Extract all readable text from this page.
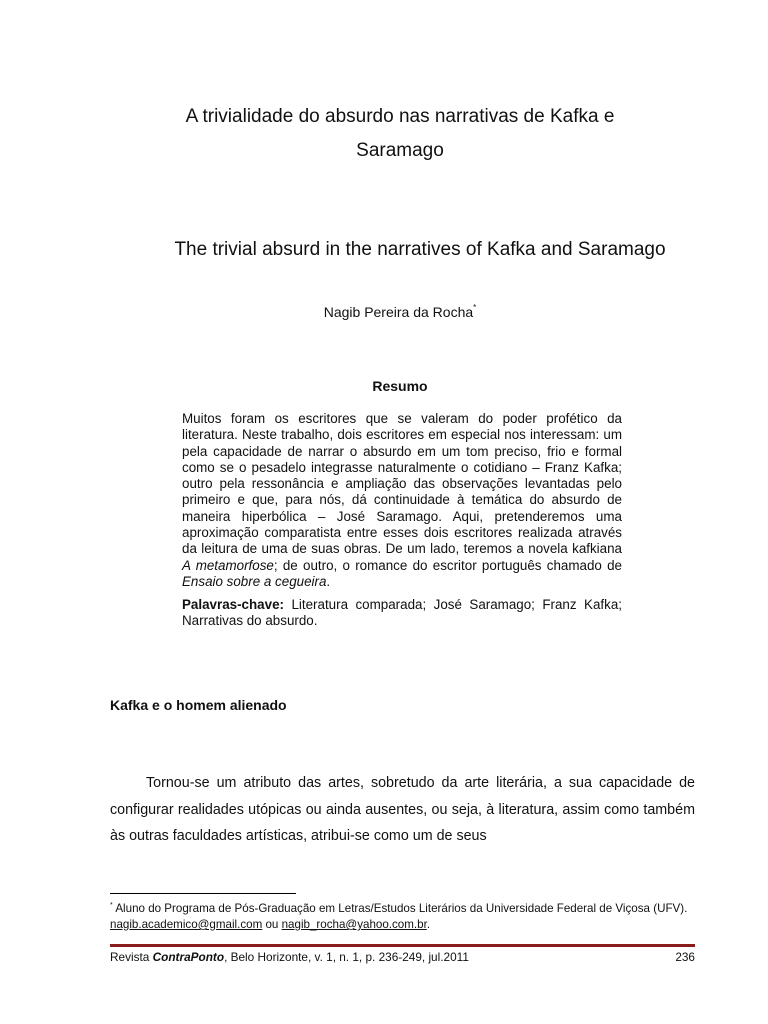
A trivialidade do absurdo nas narrativas de Kafka e
Saramago
The trivial absurd in the narratives of Kafka and Saramago
Nagib Pereira da Rocha*
Resumo
Muitos foram os escritores que se valeram do poder profético da literatura. Neste trabalho, dois escritores em especial nos interessam: um pela capacidade de narrar o absurdo em um tom preciso, frio e formal como se o pesadelo integrasse naturalmente o cotidiano – Franz Kafka; outro pela ressonância e ampliação das observações levantadas pelo primeiro e que, para nós, dá continuidade à temática do absurdo de maneira hiperbólica – José Saramago. Aqui, pretenderemos uma aproximação comparatista entre esses dois escritores realizada através da leitura de uma de suas obras. De um lado, teremos a novela kafkiana A metamorfose; de outro, o romance do escritor português chamado de Ensaio sobre a cegueira.
Palavras-chave: Literatura comparada; José Saramago; Franz Kafka; Narrativas do absurdo.
Kafka e o homem alienado
Tornou-se um atributo das artes, sobretudo da arte literária, a sua capacidade de configurar realidades utópicas ou ainda ausentes, ou seja, à literatura, assim como também às outras faculdades artísticas, atribui-se como um de seus
* Aluno do Programa de Pós-Graduação em Letras/Estudos Literários da Universidade Federal de Viçosa (UFV). nagib.academico@gmail.com ou nagib_rocha@yahoo.com.br.
Revista ContraPonto, Belo Horizonte, v. 1, n. 1, p. 236-249, jul.2011	236
